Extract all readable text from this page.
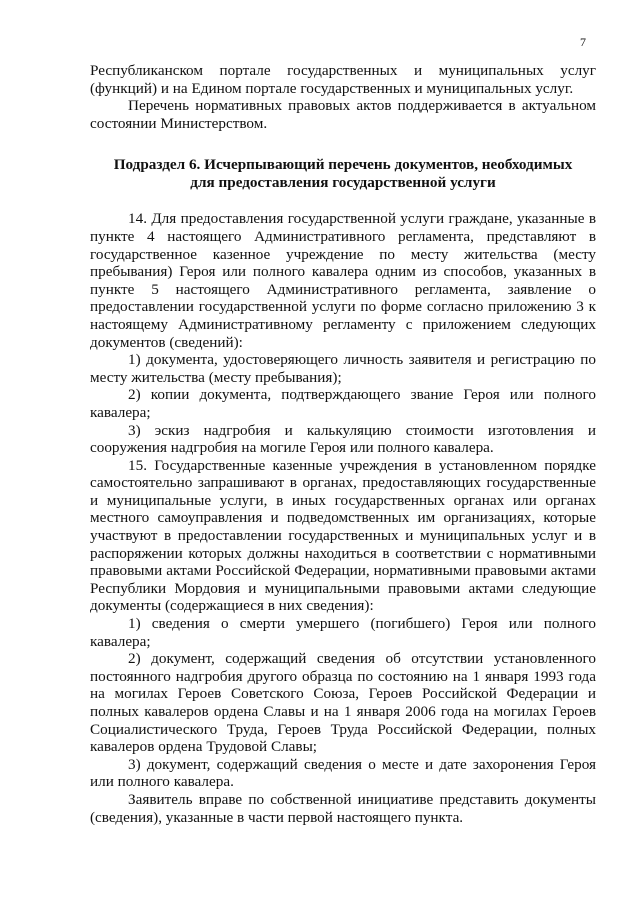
7

Республиканском портале государственных и муниципальных услуг (функций) и на Едином портале государственных и муниципальных услуг.

Перечень нормативных правовых актов поддерживается в актуальном состоянии Министерством.

Подраздел 6. Исчерпывающий перечень документов, необходимых
для предоставления государственной услуги

14. Для предоставления государственной услуги граждане, указанные в пункте 4 настоящего Административного регламента, представляют в государственное казенное учреждение по месту жительства (месту пребывания) Героя или полного кавалера одним из способов, указанных в пункте 5 настоящего Административного регламента, заявление о предоставлении государственной услуги по форме согласно приложению 3 к настоящему Административному регламенту с приложением следующих документов (сведений):

1) документа, удостоверяющего личность заявителя и регистрацию по месту жительства (месту пребывания);

2) копии документа, подтверждающего звание Героя или полного кавалера;

3) эскиз надгробия и калькуляцию стоимости изготовления и сооружения надгробия на могиле Героя или полного кавалера.

15. Государственные казенные учреждения в установленном порядке самостоятельно запрашивают в органах, предоставляющих государственные и муниципальные услуги, в иных государственных органах или органах местного самоуправления и подведомственных им организациях, которые участвуют в предоставлении государственных и муниципальных услуг и в распоряжении которых должны находиться в соответствии с нормативными правовыми актами Российской Федерации, нормативными правовыми актами Республики Мордовия и муниципальными правовыми актами следующие документы (содержащиеся в них сведения):

1) сведения о смерти умершего (погибшего) Героя или полного кавалера;

2) документ, содержащий сведения об отсутствии установленного постоянного надгробия другого образца по состоянию на 1 января 1993 года на могилах Героев Советского Союза, Героев Российской Федерации и полных кавалеров ордена Славы и на 1 января 2006 года на могилах Героев Социалистического Труда, Героев Труда Российской Федерации, полных кавалеров ордена Трудовой Славы;

3) документ, содержащий сведения о месте и дате захоронения Героя или полного кавалера.

Заявитель вправе по собственной инициативе представить документы (сведения), указанные в части первой настоящего пункта.
